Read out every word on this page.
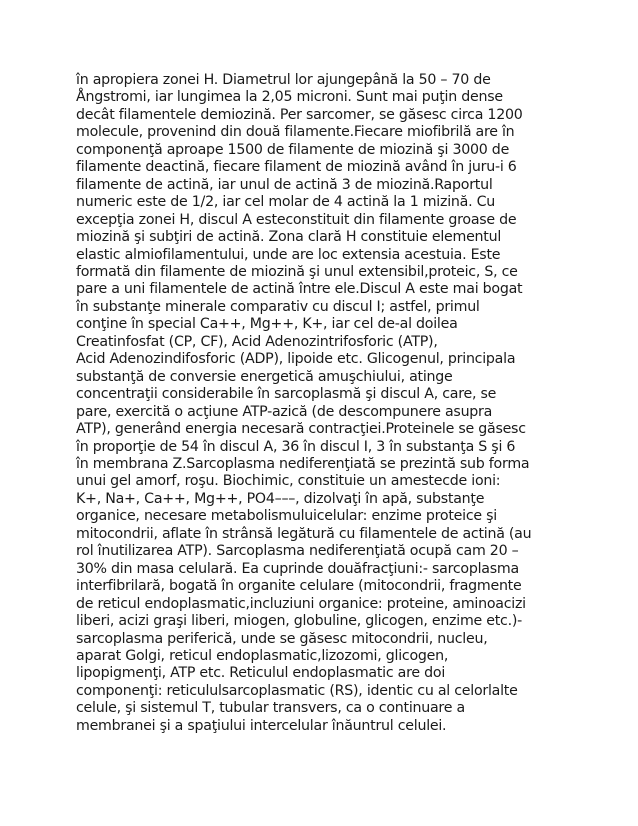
în apropiera zonei H. Diametrul lor ajungepână la 50 – 70 de
Ångstromi, iar lungimea la 2,05 microni. Sunt mai puţin dense
decât filamentele demiozină. Per sarcomer, se găsesc circa 1200
molecule, provenind din două filamente.Fiecare miofibrilă are în
componenţă aproape 1500 de filamente de miozină şi 3000 de
filamente deactină, fiecare filament de miozină având în juru-i 6
filamente de actină, iar unul de actină 3 de miozină.Raportul
numeric este de 1/2, iar cel molar de 4 actină la 1 mizină. Cu
excepţia zonei H, discul A esteconstituit din filamente groase de
miozină şi subţiri de actină. Zona clară H constituie elementul
elastic almiofilamentului, unde are loc extensia acestuia. Este
formată din filamente de miozină şi unul extensibil,proteic, S, ce
pare a uni filamentele de actină între ele.Discul A este mai bogat
în substanţe minerale comparativ cu discul I; astfel, primul
conţine în special Ca++, Mg++, K+, iar cel de-al doilea
Creatinfosfat (CP, CF), Acid Adenozintrifosforic (ATP),
Acid Adenozindifosforic (ADP), lipoide etc. Glicogenul, principala
substanţă de conversie energetică amuşchiului, atinge
concentraţii considerabile în sarcoplasmă şi discul A, care, se
pare, exercită o acţiune ATP-azică (de descompunere asupra
ATP), generând energia necesară contracţiei.Proteinele se găsesc
în proporţie de 54 în discul A, 36 în discul I, 3 în substanţa S şi 6
în membrana Z.Sarcoplasma nediferenţiată se prezintă sub forma
unui gel amorf, roşu. Biochimic, constituie un amestecde ioni:
K+, Na+, Ca++, Mg++, PO4–––, dizolvaţi în apă, substanţe
organice, necesare metabolismuluicelular: enzime proteice şi
mitocondrii, aflate în strânsă legătură cu filamentele de actină (au
rol înutilizarea ATP). Sarcoplasma nediferenţiată ocupă cam 20 –
30% din masa celulară. Ea cuprinde douăfracţiuni:- sarcoplasma
interfibrilară, bogată în organite celulare (mitocondrii, fragmente
de reticul endoplasmatic,incluziuni organice: proteine, aminoacizi
liberi, acizi graşi liberi, miogen, globuline, glicogen, enzime etc.)-
sarcoplasma periferică, unde se găsesc mitocondrii, nucleu,
aparat Golgi, reticul endoplasmatic,lizozomi, glicogen,
lipopigmenţi, ATP etc. Reticulul endoplasmatic are doi
componenţi: reticululsarcoplasmatic (RS), identic cu al celorlalte
celule, şi sistemul T, tubular transvers, ca o continuare a
membranei şi a spaţiului intercelular înăuntrul celulei.
